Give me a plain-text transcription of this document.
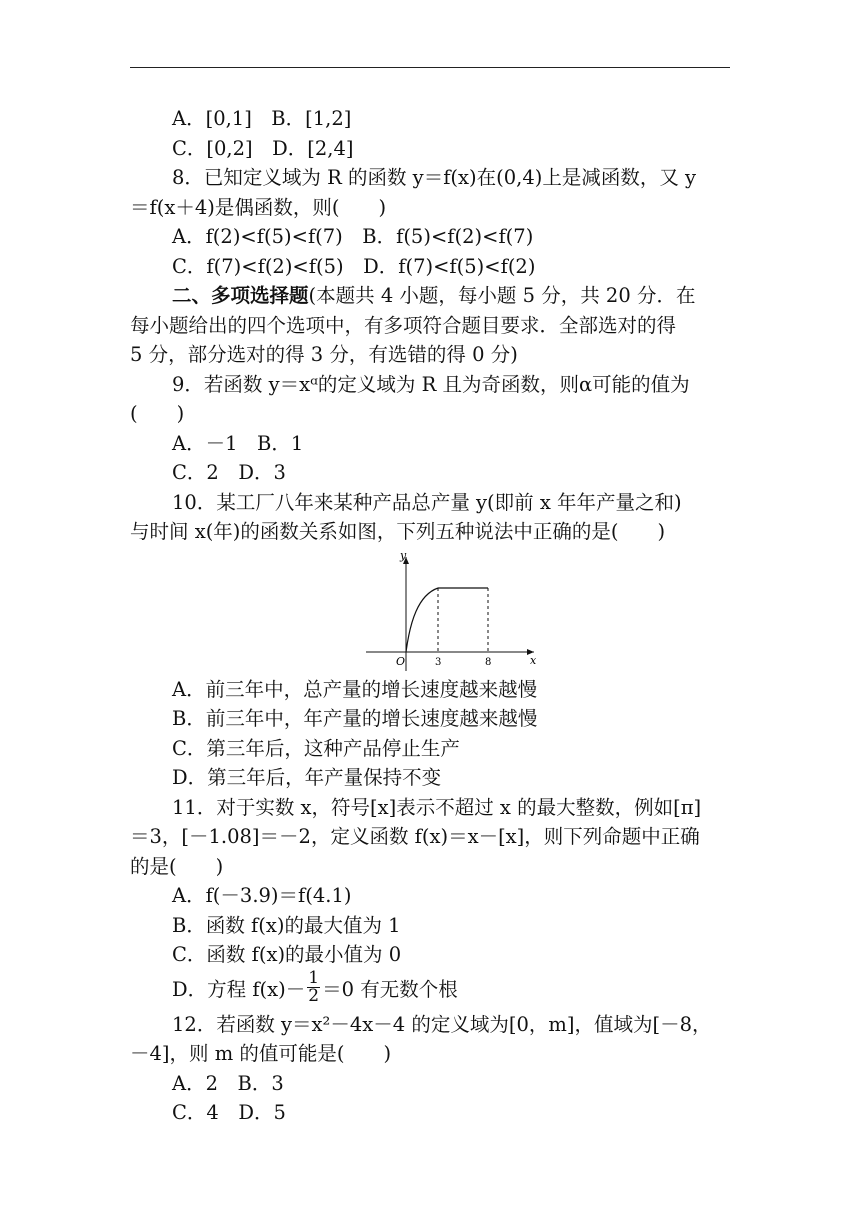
A．[0,1]　B．[1,2]
C．[0,2]　D．[2,4]
8．已知定义域为 R 的函数 y＝f(x)在(0,4)上是减函数，又 y
＝f(x＋4)是偶函数，则(　　)
A．f(2)<f(5)<f(7)　B．f(5)<f(2)<f(7)
C．f(7)<f(2)<f(5)　D．f(7)<f(5)<f(2)
二、多项选择题(本题共 4 小题，每小题 5 分，共 20 分．在
每小题给出的四个选项中，有多项符合题目要求．全部选对的得
5 分，部分选对的得 3 分，有选错的得 0 分)
9．若函数 y＝xᵅ的定义域为 R 且为奇函数，则α可能的值为
(　　)
A．－1　B．1
C．2　D．3
10．某工厂八年来某种产品总产量 y(即前 x 年年产量之和)
与时间 x(年)的函数关系如图，下列五种说法中正确的是(　　)
y
x
O	3	8
A．前三年中，总产量的增长速度越来越慢
B．前三年中，年产量的增长速度越来越慢
C．第三年后，这种产品停止生产
D．第三年后，年产量保持不变
11．对于实数 x，符号[x]表示不超过 x 的最大整数，例如[π]
＝3，[－1.08]＝－2，定义函数 f(x)＝x－[x]，则下列命题中正确
的是(　　)
A．f(－3.9)＝f(4.1)
B．函数 f(x)的最大值为 1
C．函数 f(x)的最小值为 0
D．方程 $f(x)- \frac{1}{2} =0$ 有无数个根
12．若函数 y＝x²－4x－4 的定义域为[0，m]，值域为[－8，
－4]，则 m 的值可能是(　　)
A．2　B．3
C．4　D．5
